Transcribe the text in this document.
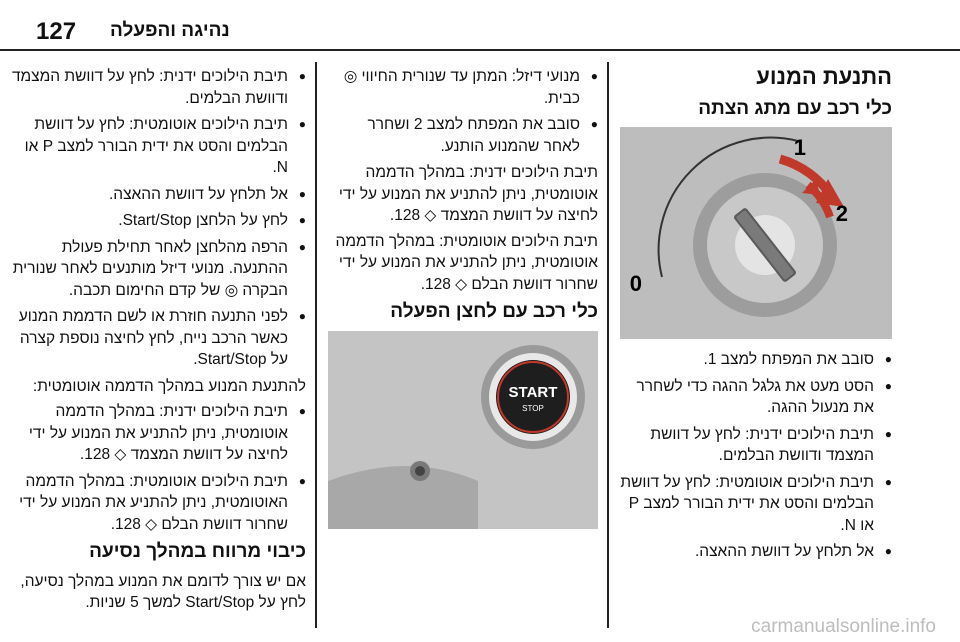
127 נהיגה והפעלה
התנעת המנוע
כלי רכב עם מתג הצתה
1
2
0
● סובב את המפתח למצב 1.
● הסט מעט את גלגל ההגה כדי לשחרר את מנעול ההגה.
● תיבת הילוכים ידנית: לחץ על דוושת המצמד ודוושת הבלמים.
● תיבת הילוכים אוטומטית: לחץ על דוושת הבלמים והסט את ידית הבורר למצב P או N.
● אל תלחץ על דוושת ההאצה.
● מנועי דיזל: המתן עד שנורית החיווי ◎ כבית.
● סובב את המפתח למצב 2 ושחרר לאחר שהמנוע הותנע.

תיבת הילוכים ידנית: במהלך הדממה אוטומטית, ניתן להתניע את המנוע על ידי לחיצה על דוושת המצמד ◇ 128.

תיבת הילוכים אוטומטית: במהלך הדממה אוטומטית, ניתן להתניע את המנוע על ידי שחרור דוושת הבלם ◇ 128.

כלי רכב עם לחצן הפעלה
START
STOP
● תיבת הילוכים ידנית: לחץ על דוושת המצמד ודוושת הבלמים.
● תיבת הילוכים אוטומטית: לחץ על דוושת הבלמים והסט את ידית הבורר למצב P או N.
● אל תלחץ על דוושת ההאצה.
● לחץ על הלחצן Start/Stop.
● הרפה מהלחצן לאחר תחילת פעולת ההתנעה. מנועי דיזל מותנעים לאחר שנורית הבקרה ◎ של קדם החימום תכבה.
● לפני התנעה חוזרת או לשם הדממת המנוע כאשר הרכב נייח, לחץ לחיצה נוספת קצרה על Start/Stop.

להתנעת המנוע במהלך הדממה אוטומטית:

● תיבת הילוכים ידנית: במהלך הדממה אוטומטית, ניתן להתניע את המנוע על ידי לחיצה על דוושת המצמד ◇ 128.
● תיבת הילוכים אוטומטית: במהלך הדממה האוטומטית, ניתן להתניע את המנוע על ידי שחרור דוושת הבלם ◇ 128.
כיבוי מרווח במהלך נסיעה

אם יש צורך לדומם את המנוע במהלך נסיעה, לחץ על Start/Stop למשך 5 שניות.

carmanualsonline.info
